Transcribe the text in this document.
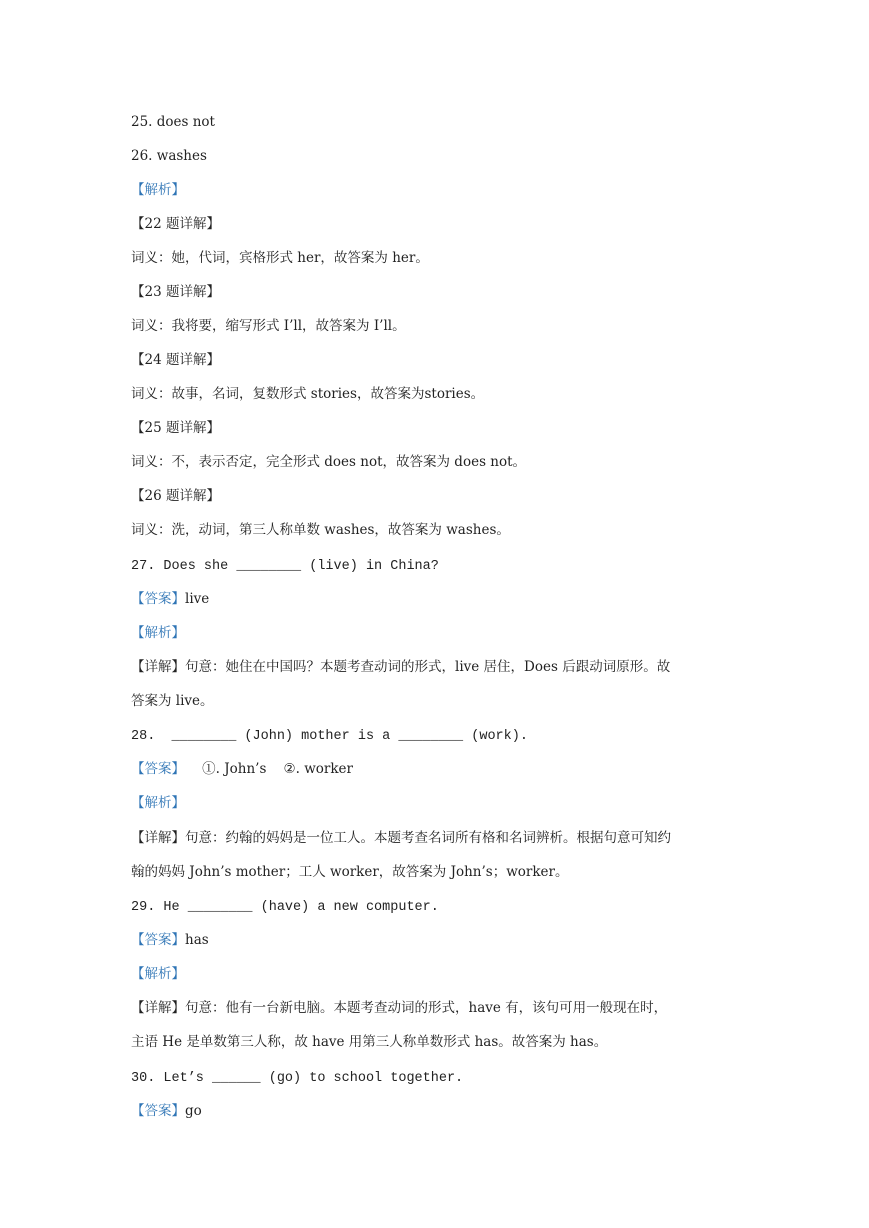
25. does not
26. washes
【解析】
【22 题详解】
词义：她，代词，宾格形式 her，故答案为 her。
【23 题详解】
词义：我将要，缩写形式 I’ll，故答案为 I’ll。
【24 题详解】
词义：故事，名词，复数形式 stories，故答案为stories。
【25 题详解】
词义：不，表示否定，完全形式 does not，故答案为 does not。
【26 题详解】
词义：洗，动词，第三人称单数 washes，故答案为 washes。
27. Does she ________ (live) in China?
【答案】live
【解析】
【详解】句意：她住在中国吗？本题考查动词的形式，live 居住，Does 后跟动词原形。故
答案为 live。
28.  ________ (John) mother is a ________ (work).
【答案】    ①. John’s    ②. worker
【解析】
【详解】句意：约翰的妈妈是一位工人。本题考查名词所有格和名词辨析。根据句意可知约
翰的妈妈 John’s mother；工人 worker，故答案为 John’s；worker。
29. He ________ (have) a new computer.
【答案】has
【解析】
【详解】句意：他有一台新电脑。本题考查动词的形式，have 有，该句可用一般现在时，
主语 He 是单数第三人称，故 have 用第三人称单数形式 has。故答案为 has。
30. Let’s ______ (go) to school together.
【答案】go
